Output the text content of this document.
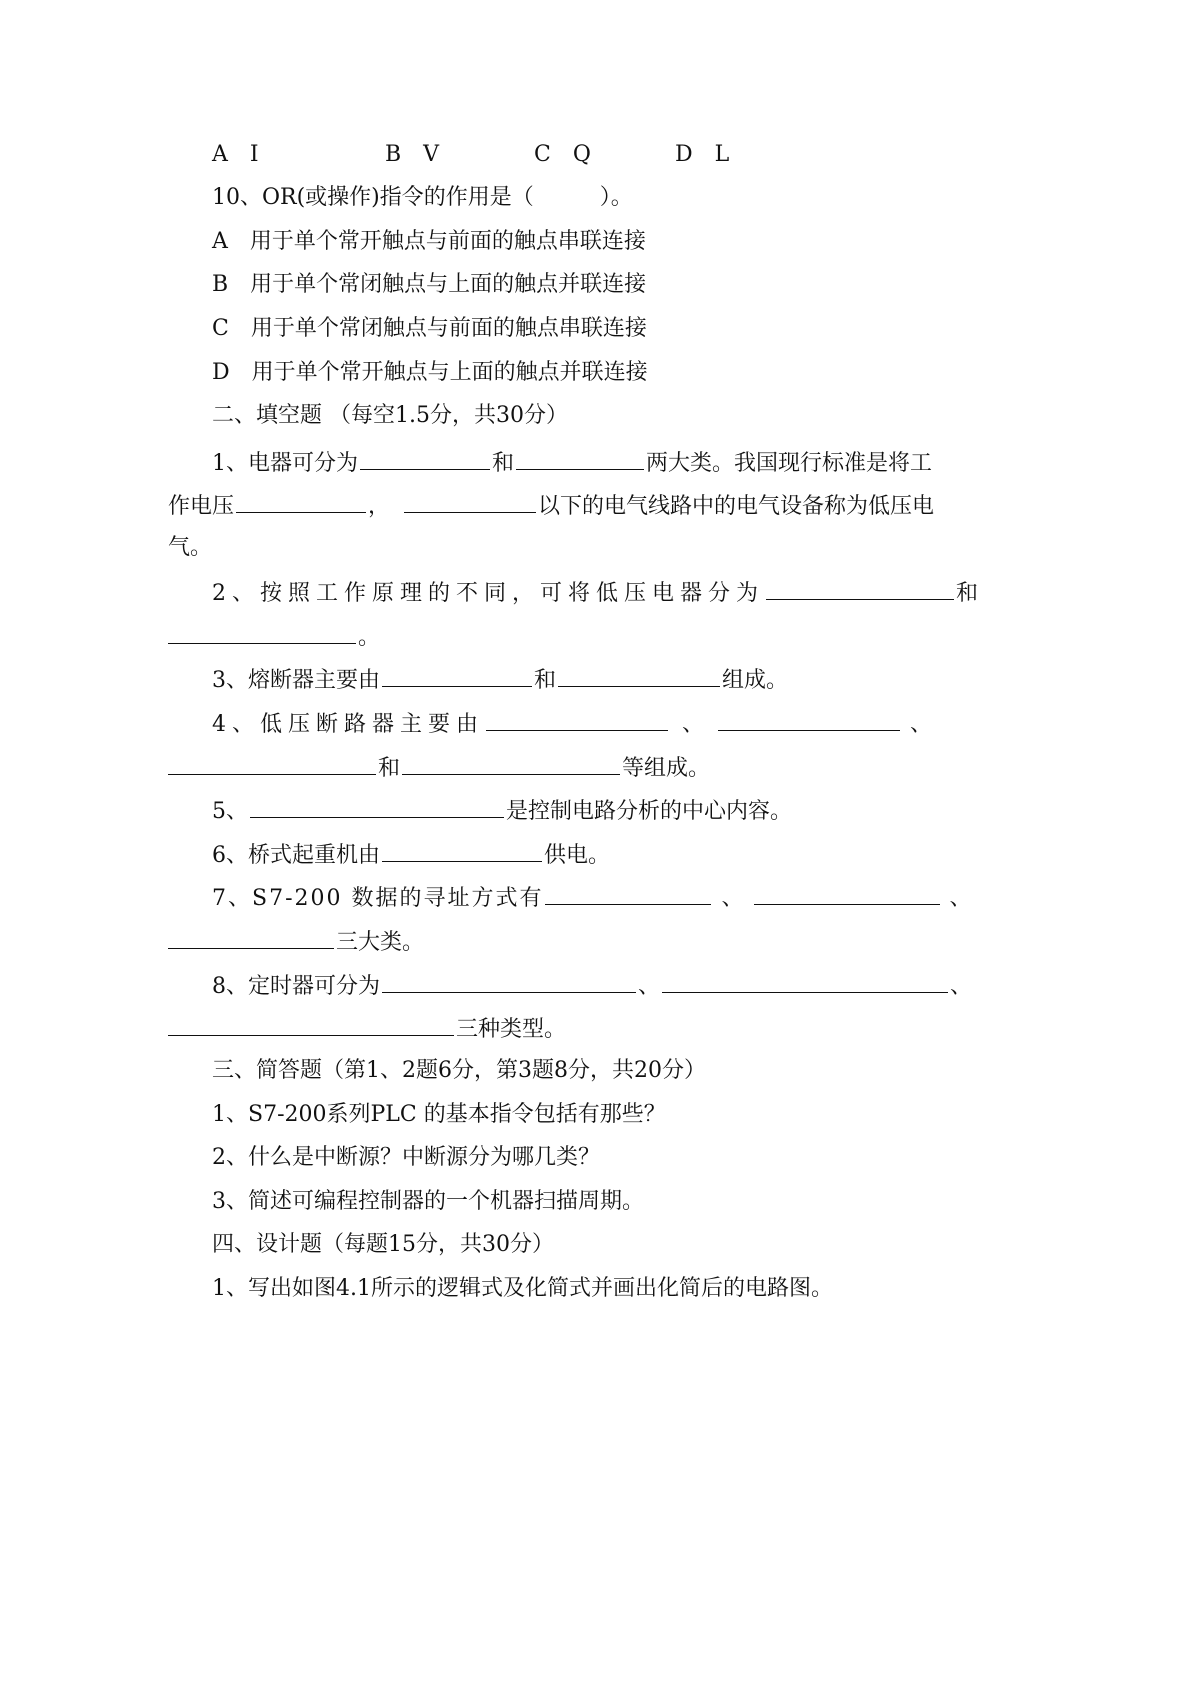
A　I	B　V	C　Q	D　L
10、OR(或操作)指令的作用是（　　　）。
A　用于单个常开触点与前面的触点串联连接
B　用于单个常闭触点与上面的触点并联连接
C　用于单个常闭触点与前面的触点串联连接
D　用于单个常开触点与上面的触点并联连接
二、填空题 （每空1.5分，共30分）
1、电器可分为	和	两大类。我国现行标准是将工
作电压	，	以下的电气线路中的电气设备称为低压电
气。
2、按照工作原理的不同，可将低压电器分为	和
。
3、熔断器主要由	和	组成。
4、低压断路器主要由	、	、
和	等组成。
5、	是控制电路分析的中心内容。
6、桥式起重机由	供电。
7、S7-200 数据的寻址方式有	、	、
三大类。
8、定时器可分为	、	、
三种类型。
三、简答题（第1、2题6分，第3题8分，共20分）
1、S7-200系列PLC 的基本指令包括有那些？
2、什么是中断源？中断源分为哪几类？
3、简述可编程控制器的一个机器扫描周期。
四、设计题（每题15分，共30分）
1、写出如图4.1所示的逻辑式及化简式并画出化简后的电路图。
